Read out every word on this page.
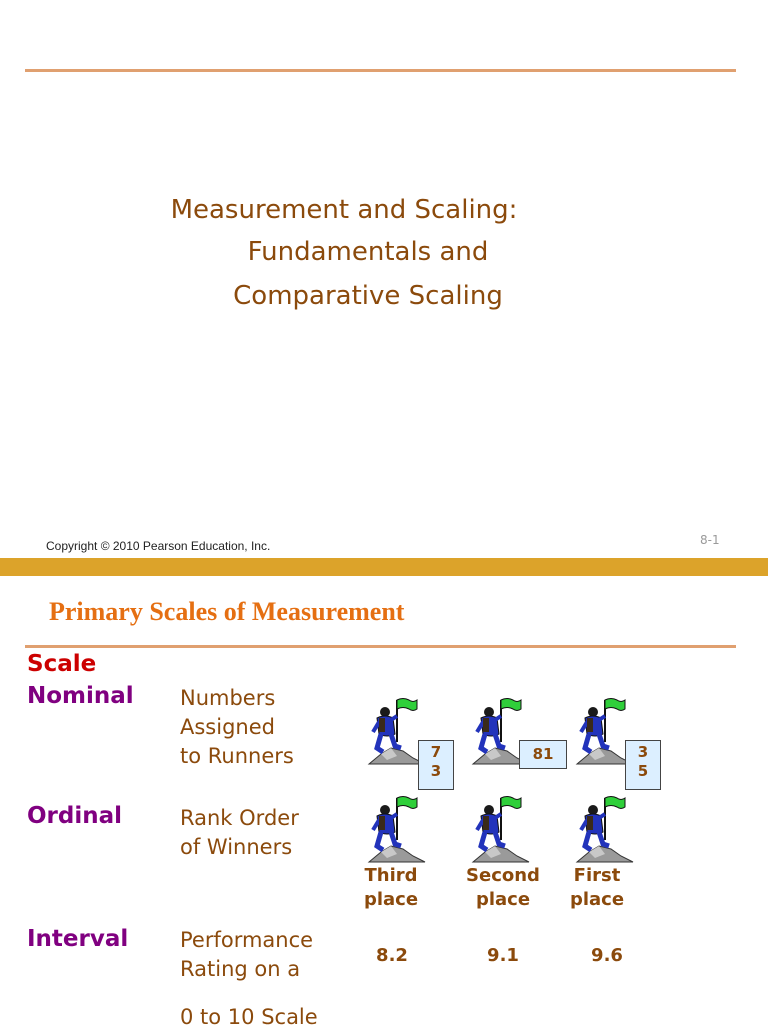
Measurement and Scaling:
Fundamentals and
Comparative Scaling
Copyright © 2010 Pearson Education, Inc.	8-1
Primary Scales of Measurement
Scale
Nominal Numbers
Assigned
to Runners
Ordinal	Rank Order
of Winners
Interval Performance
Rating on a
0 to 10 Scale
7
3
81	3
5
Third
place
Second
place
First
place
8.2	9.1	9.6
